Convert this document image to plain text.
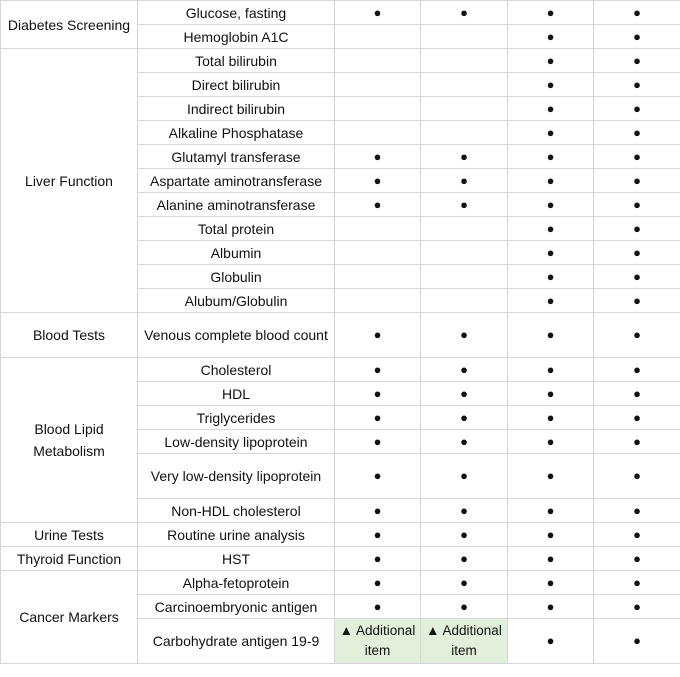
Diabetes Screening	Glucose, fasting	●	●	●	●
	Hemoglobin A1C			●	●
Liver Function	Total bilirubin			●	●
	Direct bilirubin			●	●
	Indirect bilirubin			●	●
	Alkaline Phosphatase			●	●
	Glutamyl transferase	●	●	●	●
	Aspartate aminotransferase	●	●	●	●
	Alanine aminotransferase	●	●	●	●
	Total protein			●	●
	Albumin			●	●
	Globulin			●	●
	Alubum/Globulin			●	●
Blood Tests	Venous complete blood count	●	●	●	●
Blood Lipid Metabolism	Cholesterol	●	●	●	●
	HDL	●	●	●	●
	Triglycerides	●	●	●	●
	Low-density lipoprotein	●	●	●	●
	Very low-density lipoprotein	●	●	●	●
	Non-HDL cholesterol	●	●	●	●
Urine Tests	Routine urine analysis	●	●	●	●
Thyroid Function	HST	●	●	●	●
Cancer Markers	Alpha-fetoprotein	●	●	●	●
	Carcinoembryonic antigen	●	●	●	●
	Carbohydrate antigen 19-9	▲ Additional item	▲ Additional item	●	●
